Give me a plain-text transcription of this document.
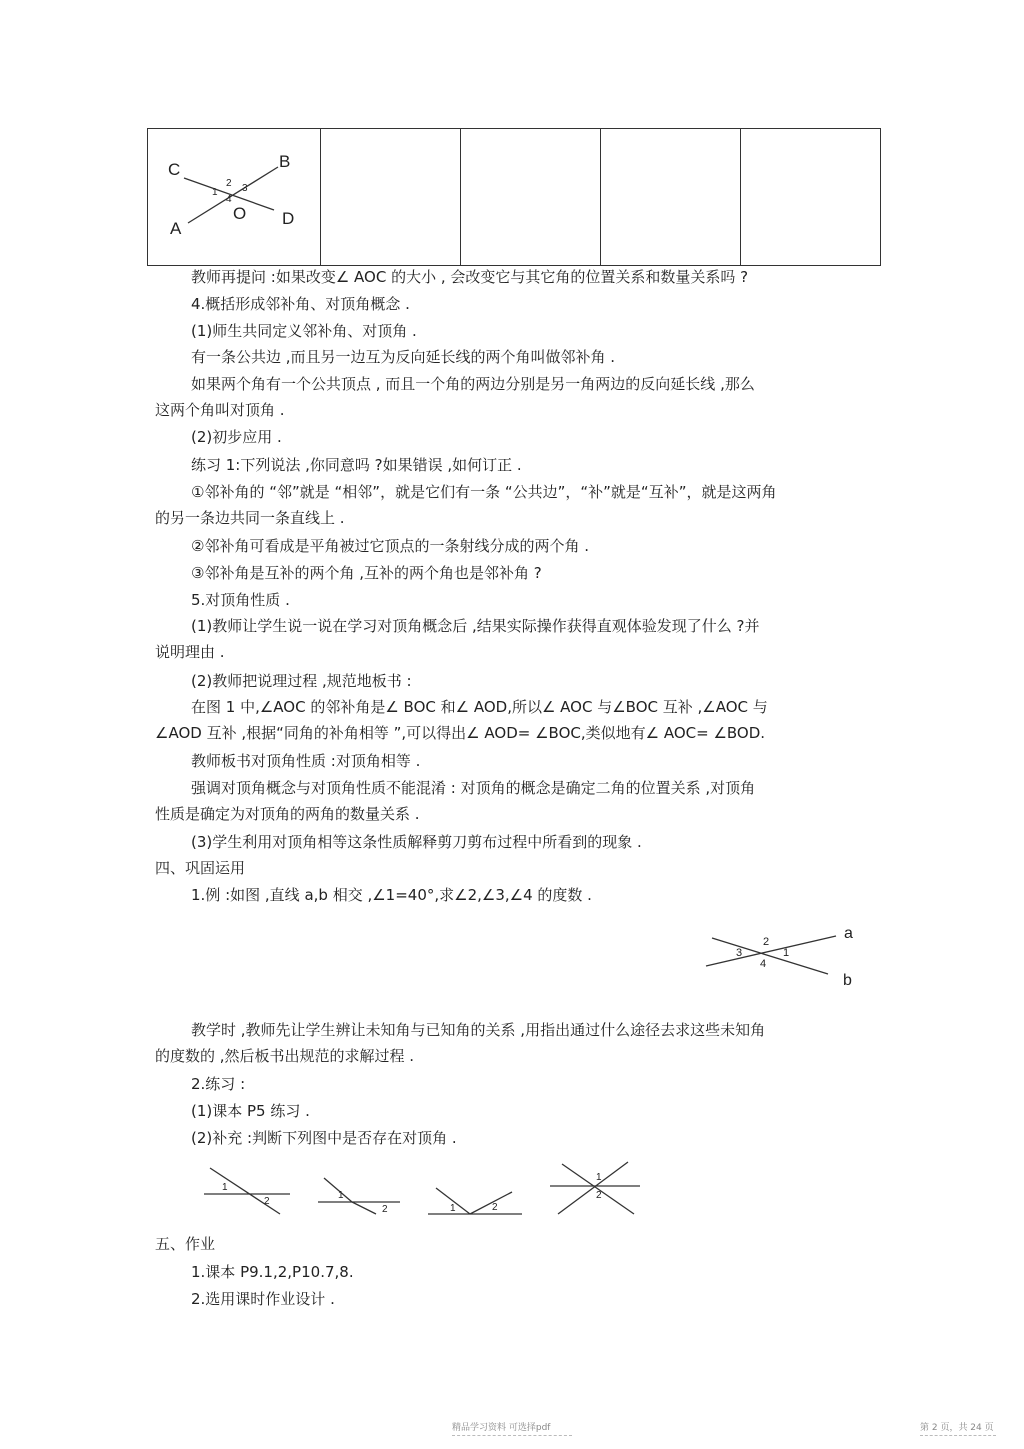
C	B
A
D
O
1
2 3
4

教师再提问 :如果改变∠ AOC 的大小 , 会改变它与其它角的位置关系和数量关系吗 ?
4.概括形成邻补角、对顶角概念 .
(1)师生共同定义邻补角、对顶角 .
有一条公共边 ,而且另一边互为反向延长线的两个角叫做邻补角 .
如果两个角有一个公共顶点 , 而且一个角的两边分别是另一角两边的反向延长线 ,那么
这两个角叫对顶角 .
(2)初步应用 .
练习 1:下列说法 ,你同意吗 ?如果错误 ,如何订正 .
①邻补角的 “邻”就是 “相邻”，就是它们有一条 “公共边”，“补”就是“互补”，就是这两角
的另一条边共同一条直线上 .
②邻补角可看成是平角被过它顶点的一条射线分成的两个角 .
③邻补角是互补的两个角 ,互补的两个角也是邻补角 ?
5.对顶角性质 .
(1)教师让学生说一说在学习对顶角概念后 ,结果实际操作获得直观体验发现了什么 ?并
说明理由 .
(2)教师把说理过程 ,规范地板书 :
在图 1 中,∠AOC 的邻补角是∠ BOC 和∠ AOD,所以∠ AOC 与∠BOC 互补 ,∠AOC 与
∠AOD 互补 ,根据“同角的补角相等 ”,可以得出∠ AOD= ∠BOC,类似地有∠ AOC= ∠BOD.
教师板书对顶角性质 :对顶角相等 .
强调对顶角概念与对顶角性质不能混淆 : 对顶角的概念是确定二角的位置关系 ,对顶角
性质是确定为对顶角的两角的数量关系 .
(3)学生利用对顶角相等这条性质解释剪刀剪布过程中所看到的现象 .
四、巩固运用
1.例 :如图 ,直线 a,b 相交 ,∠1=40°,求∠2,∠3,∠4 的度数 .
a
b
2
3	1
4
教学时 ,教师先让学生辨让未知角与已知角的关系 ,用指出通过什么途径去求这些未知角
的度数的 ,然后板书出规范的求解过程 .
2.练习 :
(1)课本 P5 练习 .
(2)补充 :判断下列图中是否存在对顶角 .
1
2
1
2	1	2
1
2
五、作业
1.课本 P9.1,2,P10.7,8.
2.选用课时作业设计 .
精品学习资料 可选择pdf	第 2 页，共 24 页
